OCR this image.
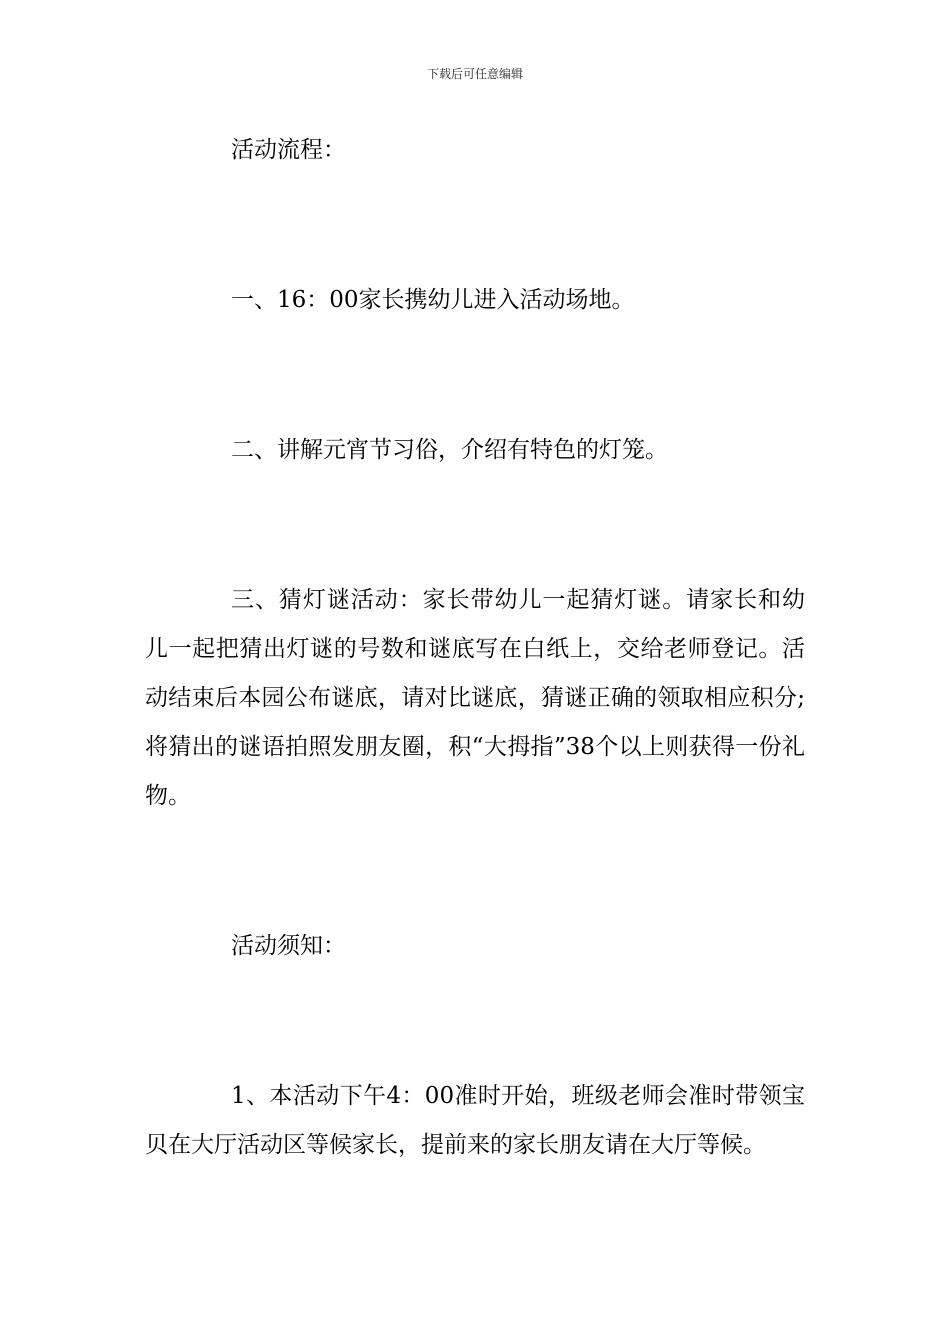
下载后可任意编辑

活动流程：

一、16：00家长携幼儿进入活动场地。

二、讲解元宵节习俗，介绍有特色的灯笼。

三、猜灯谜活动：家长带幼儿一起猜灯谜。请家长和幼儿一起把猜出灯谜的号数和谜底写在白纸上，交给老师登记。活动结束后本园公布谜底，请对比谜底，猜谜正确的领取相应积分;将猜出的谜语拍照发朋友圈，积“大拇指”38个以上则获得一份礼物。

活动须知：

1、本活动下午4：00准时开始，班级老师会准时带领宝贝在大厅活动区等候家长，提前来的家长朋友请在大厅等候。
